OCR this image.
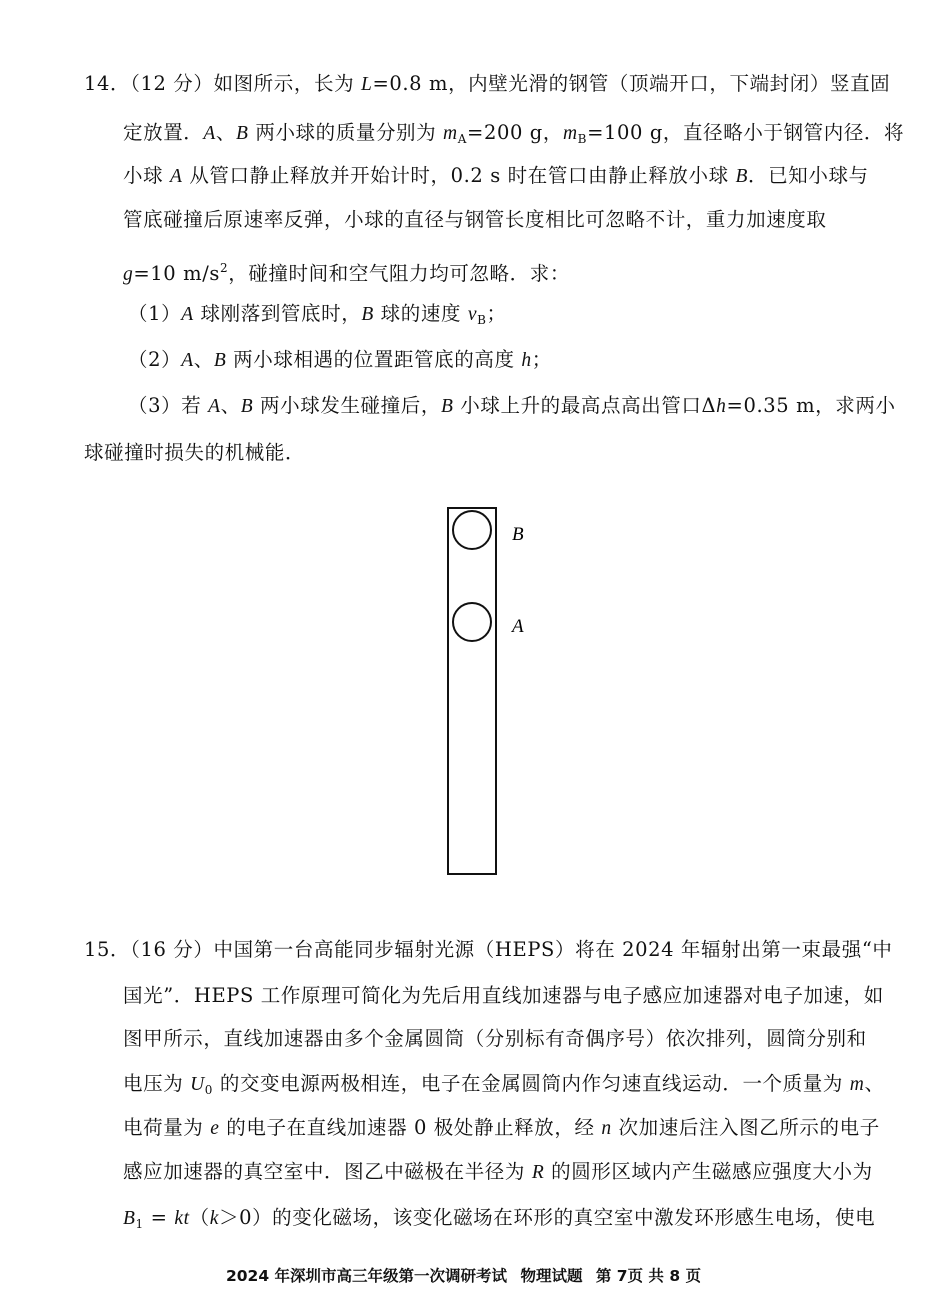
14．（12 分）如图所示，长为 L=0.8 m，内壁光滑的钢管（顶端开口，下端封闭）竖直固
定放置．A、B 两小球的质量分别为 $m_A=200$ g，$m_B=100$ g，直径略小于钢管内径．将
小球 A 从管口静止释放并开始计时，0.2 s 时在管口由静止释放小球 B．已知小球与
管底碰撞后原速率反弹，小球的直径与钢管长度相比可忽略不计，重力加速度取
g=10 $m/s^2$，碰撞时间和空气阻力均可忽略．求：
（1）A 球刚落到管底时，B 球的速度 $v_B$；
（2）A、B 两小球相遇的位置距管底的高度 h；
（3）若 A、B 两小球发生碰撞后，B 小球上升的最高点高出管口Δh=0.35 m，求两小
球碰撞时损失的机械能．
B
A
15．（16 分）中国第一台高能同步辐射光源（HEPS）将在 2024 年辐射出第一束最强“中
国光”．HEPS 工作原理可简化为先后用直线加速器与电子感应加速器对电子加速，如
图甲所示，直线加速器由多个金属圆筒（分别标有奇偶序号）依次排列，圆筒分别和
电压为 $U_0$ 的交变电源两极相连，电子在金属圆筒内作匀速直线运动．一个质量为 m、
电荷量为 e 的电子在直线加速器 0 极处静止释放，经 n 次加速后注入图乙所示的电子
感应加速器的真空室中．图乙中磁极在半径为 R 的圆形区域内产生磁感应强度大小为
$B_1 = kt(k>0)$的变化磁场，该变化磁场在环形的真空室中激发环形感生电场，使电
2024 年深圳市高三年级第一次调研考试 物理试题 第 7页 共 8 页
